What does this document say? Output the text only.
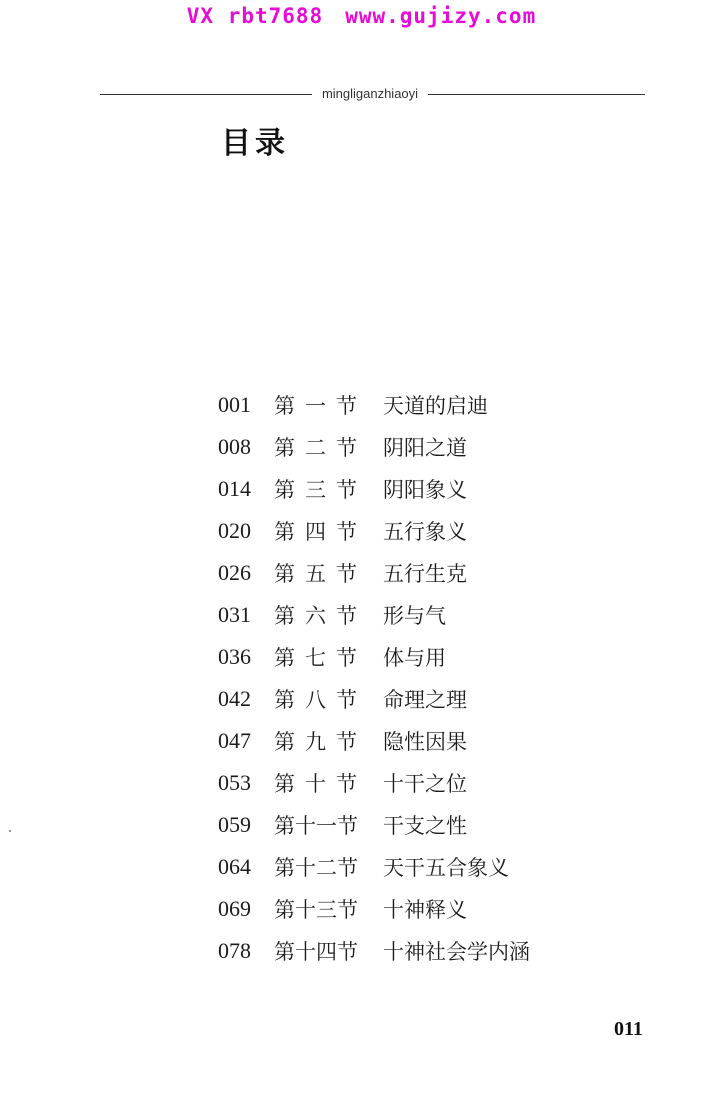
VX rbt7688 www.gujizy.com
mingliganzhiaoyi
目录
001	第一节 天道的启迪
008	第二节 阴阳之道
014	第三节 阴阳象义
020	第四节 五行象义
026	第五节 五行生克
031	第六节 形与气
036	第七节 体与用
042	第八节 命理之理
047	第九节 隐性因果
053	第十节 十干之位
059	第十一节	干支之性
064	第十二节	天干五合象义
069	第十三节	十神释义
078	第十四节	十神社会学内涵
011
